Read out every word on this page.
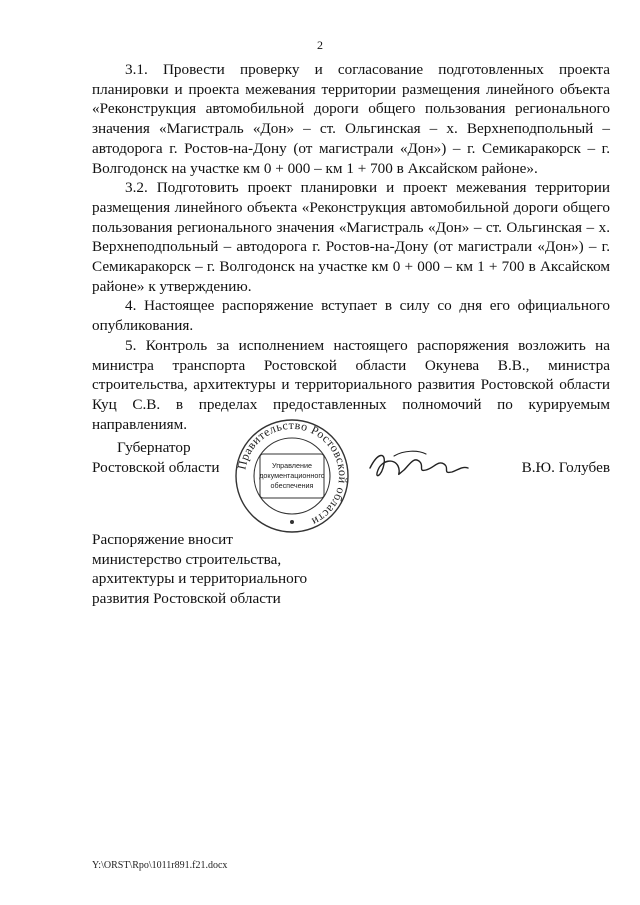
2

3.1. Провести проверку и согласование подготовленных проекта планировки и проекта межевания территории размещения линейного объекта «Реконструкция автомобильной дороги общего пользования регионального значения «Магистраль «Дон» – ст. Ольгинская – х. Верхнеподпольный – автодорога г. Ростов-на-Дону (от магистрали «Дон») – г. Семикаракорск – г. Волгодонск на участке км 0 + 000 – км 1 + 700 в Аксайском районе».

3.2. Подготовить проект планировки и проект межевания территории размещения линейного объекта «Реконструкция автомобильной дороги общего пользования регионального значения «Магистраль «Дон» – ст. Ольгинская – х. Верхнеподпольный – автодорога г. Ростов-на-Дону (от магистрали «Дон») – г. Семикаракорск – г. Волгодонск на участке км 0 + 000 – км 1 + 700 в Аксайском районе» к утверждению.

4. Настоящее распоряжение вступает в силу со дня его официального опубликования.

5. Контроль за исполнением настоящего распоряжения возложить на министра транспорта Ростовской области Окунева В.В., министра строительства, архитектуры и территориального развития Ростовской области Куц С.В. в пределах предоставленных полномочий по курируемым направлениям.

Губернатор
Ростовской области Правительство Ростовской области
Управление
документационного
обеспечения
В.Ю. Голубев
Распоряжение вносит
министерство строительства,
архитектуры и территориального
развития Ростовской области
Y:\ORST\Rpo\1011r891.f21.docx
